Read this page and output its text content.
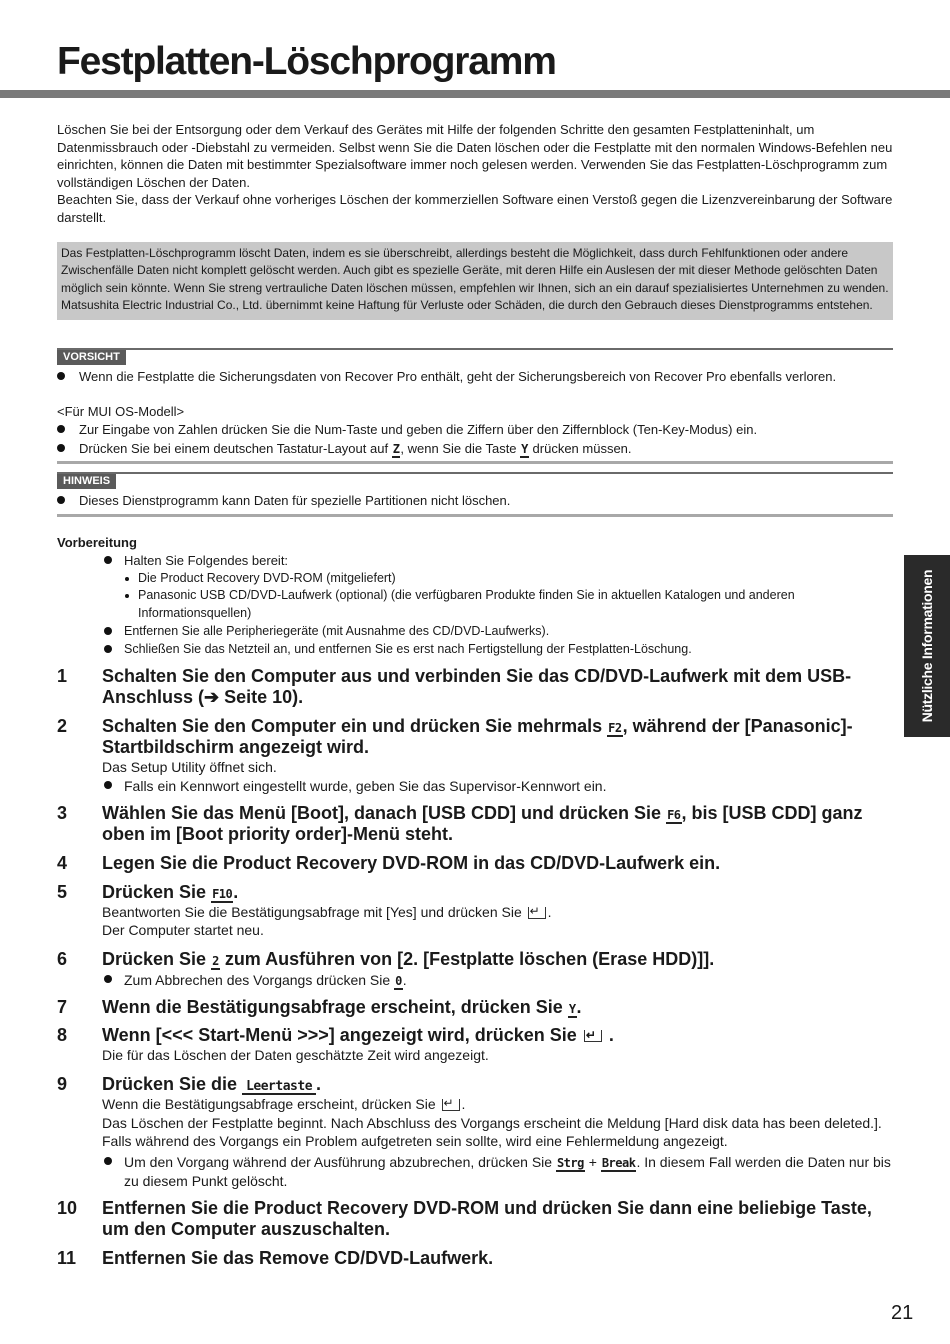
Festplatten-Löschprogramm

Löschen Sie bei der Entsorgung oder dem Verkauf des Gerätes mit Hilfe der folgenden Schritte den gesamten Festplatteninhalt, um Datenmissbrauch oder -Diebstahl zu vermeiden. Selbst wenn Sie die Daten löschen oder die Festplatte mit den normalen Windows-Befehlen neu einrichten, können die Daten mit bestimmter Spezialsoftware immer noch gelesen werden. Verwenden Sie das Festplatten-Löschprogramm zum vollständigen Löschen der Daten.

Beachten Sie, dass der Verkauf ohne vorheriges Löschen der kommerziellen Software einen Verstoß gegen die Lizenzvereinbarung der Software darstellt.

Das Festplatten-Löschprogramm löscht Daten, indem es sie überschreibt, allerdings besteht die Möglichkeit, dass durch Fehlfunktionen oder andere Zwischenfälle Daten nicht komplett gelöscht werden. Auch gibt es spezielle Geräte, mit deren Hilfe ein Auslesen der mit dieser Methode gelöschten Daten möglich sein könnte. Wenn Sie streng vertrauliche Daten löschen müssen, empfehlen wir Ihnen, sich an ein darauf spezialisiertes Unternehmen zu wenden. Matsushita Electric Industrial Co., Ltd. übernimmt keine Haftung für Verluste oder Schäden, die durch den Gebrauch dieses Dienstprogramms entstehen.
VORSICHT
Wenn die Festplatte die Sicherungsdaten von Recover Pro enthält, geht der Sicherungsbereich von Recover Pro ebenfalls verloren.
<Für MUI OS-Modell>
Zur Eingabe von Zahlen drücken Sie die Num-Taste und geben die Ziffern über den Ziffernblock (Ten-Key-Modus) ein.
Drücken Sie bei einem deutschen Tastatur-Layout auf Z, wenn Sie die Taste Y drücken müssen.
HINWEIS
Dieses Dienstprogramm kann Daten für spezielle Partitionen nicht löschen.
Vorbereitung
Halten Sie Folgendes bereit:
Die Product Recovery DVD-ROM (mitgeliefert)
Panasonic USB CD/DVD-Laufwerk (optional) (die verfügbaren Produkte finden Sie in aktuellen Katalogen und anderen Informationsquellen)
Entfernen Sie alle Peripheriegeräte (mit Ausnahme des CD/DVD-Laufwerks).
Schließen Sie das Netzteil an, und entfernen Sie es erst nach Fertigstellung der Festplatten-Löschung.
1 Schalten Sie den Computer aus und verbinden Sie das CD/DVD-Laufwerk mit dem USB-Anschluss (➔ Seite 10).
2 Schalten Sie den Computer ein und drücken Sie mehrmals F2, während der [Panasonic]-Startbildschirm angezeigt wird.
Das Setup Utility öffnet sich.
Falls ein Kennwort eingestellt wurde, geben Sie das Supervisor-Kennwort ein.
3 Wählen Sie das Menü [Boot], danach [USB CDD] und drücken Sie F6, bis [USB CDD] ganz oben im [Boot priority order]-Menü steht.
4 Legen Sie die Product Recovery DVD-ROM in das CD/DVD-Laufwerk ein.
5 Drücken Sie F10.
Beantworten Sie die Bestätigungsabfrage mit [Yes] und drücken Sie ↵ .
Der Computer startet neu.
6 Drücken Sie 2 zum Ausführen von [2. [Festplatte löschen (Erase HDD)]].
Zum Abbrechen des Vorgangs drücken Sie 0.
7 Wenn die Bestätigungsabfrage erscheint, drücken Sie Y.
8 Wenn [<<< Start-Menü >>>] angezeigt wird, drücken Sie ↵ .
Die für das Löschen der Daten geschätzte Zeit wird angezeigt.
9 Drücken Sie die Leertaste .
Wenn die Bestätigungsabfrage erscheint, drücken Sie ↵ .
Das Löschen der Festplatte beginnt. Nach Abschluss des Vorgangs erscheint die Meldung [Hard disk data has been deleted.]. Falls während des Vorgangs ein Problem aufgetreten sein sollte, wird eine Fehlermeldung angezeigt.
Um den Vorgang während der Ausführung abzubrechen, drücken Sie Strg + Break. In diesem Fall werden die Daten nur bis zu diesem Punkt gelöscht.
10 Entfernen Sie die Product Recovery DVD-ROM und drücken Sie dann eine beliebige Taste, um den Computer auszuschalten.
11 Entfernen Sie das Remove CD/DVD-Laufwerk.
Nützliche Informationen
21
